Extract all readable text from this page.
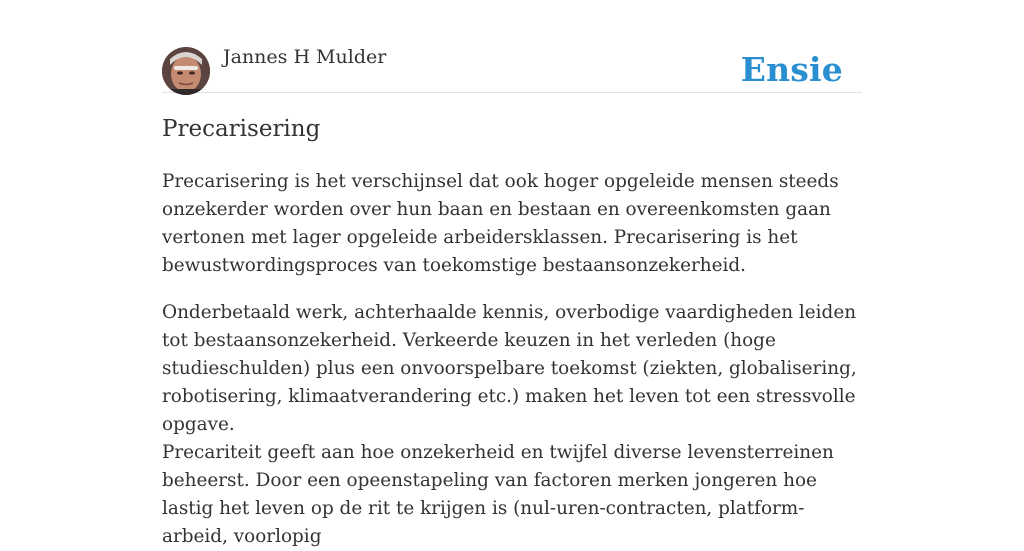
Jannes H Mulder	Ensie
Precarisering

Precarisering is het verschijnsel dat ook hoger opgeleide mensen steeds onzekerder worden over hun baan en bestaan en overeenkomsten gaan vertonen met lager opgeleide arbeidersklassen. Precarisering is het bewustwordingsproces van toekomstige bestaansonzekerheid.

Onderbetaald werk, achterhaalde kennis, overbodige vaardigheden leiden tot bestaansonzekerheid. Verkeerde keuzen in het verleden (hoge studieschulden) plus een onvoorspelbare toekomst (ziekten, globalisering, robotisering, klimaatverandering etc.) maken het leven tot een stressvolle opgave.

Precariteit geeft aan hoe onzekerheid en twijfel diverse levensterreinen beheerst. Door een opeenstapeling van factoren merken jongeren hoe lastig het leven op de rit te krijgen is (nul-uren-contracten, platform-arbeid, voorlopig
